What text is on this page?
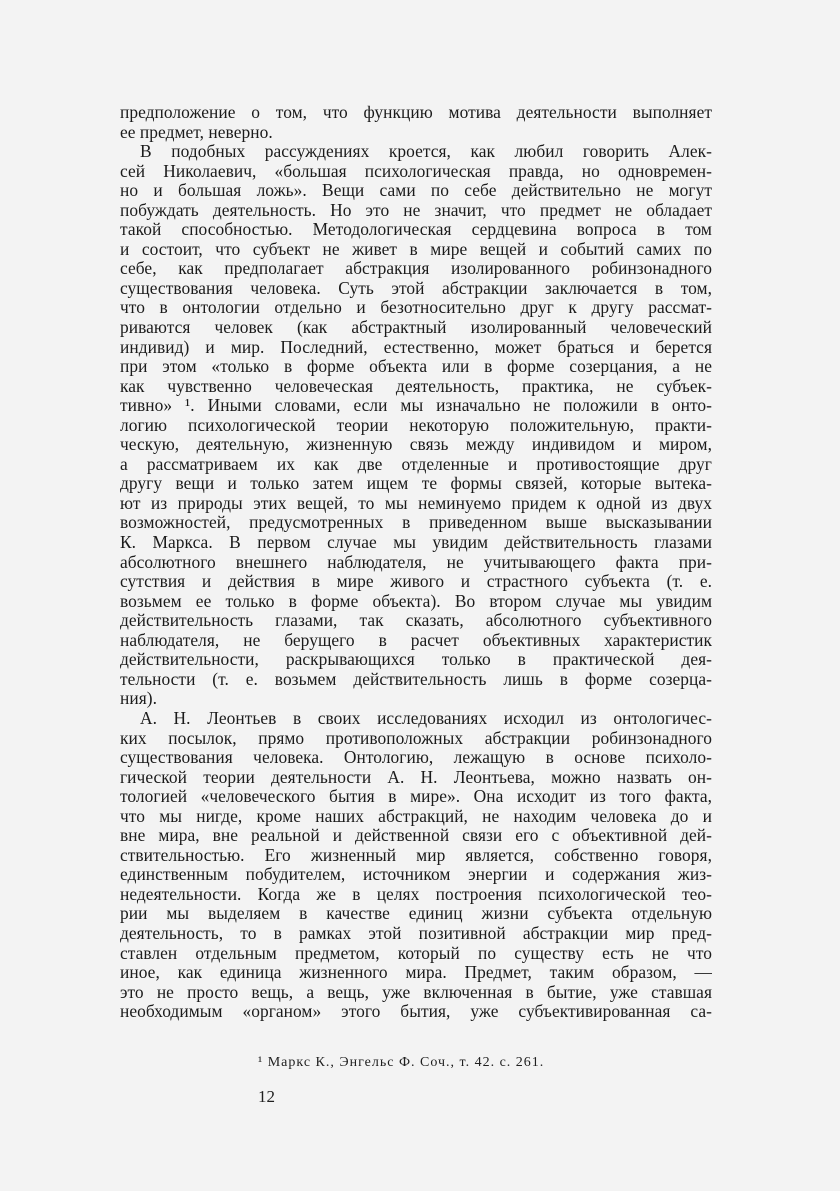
предположение о том, что функцию мотива деятельности выполняет
ее предмет, неверно.
В подобных рассуждениях кроется, как любил говорить Алек-
сей Николаевич, «большая психологическая правда, но одновремен-
но и большая ложь». Вещи сами по себе действительно не могут
побуждать деятельность. Но это не значит, что предмет не обладает
такой способностью. Методологическая сердцевина вопроса в том
и состоит, что субъект не живет в мире вещей и событий самих по
себе, как предполагает абстракция изолированного робинзонадного
существования человека. Суть этой абстракции заключается в том,
что в онтологии отдельно и безотносительно друг к другу рассмат-
риваются человек (как абстрактный изолированный человеческий
индивид) и мир. Последний, естественно, может браться и берется
при этом «только в форме объекта или в форме созерцания, а не
как чувственно человеческая деятельность, практика, не субъек-
тивно» ¹. Иными словами, если мы изначально не положили в онто-
логию психологической теории некоторую положительную, практи-
ческую, деятельную, жизненную связь между индивидом и миром,
а рассматриваем их как две отделенные и противостоящие друг
другу вещи и только затем ищем те формы связей, которые вытека-
ют из природы этих вещей, то мы неминуемо придем к одной из двух
возможностей, предусмотренных в приведенном выше высказывании
К. Маркса. В первом случае мы увидим действительность глазами
абсолютного внешнего наблюдателя, не учитывающего факта при-
сутствия и действия в мире живого и страстного субъекта (т. е.
возьмем ее только в форме объекта). Во втором случае мы увидим
действительность глазами, так сказать, абсолютного субъективного
наблюдателя, не берущего в расчет объективных характеристик
действительности, раскрывающихся только в практической дея-
тельности (т. е. возьмем действительность лишь в форме созерца-
ния).
А. Н. Леонтьев в своих исследованиях исходил из онтологичес-
ких посылок, прямо противоположных абстракции робинзонадного
существования человека. Онтологию, лежащую в основе психоло-
гической теории деятельности А. Н. Леонтьева, можно назвать он-
тологией «человеческого бытия в мире». Она исходит из того факта,
что мы нигде, кроме наших абстракций, не находим человека до и
вне мира, вне реальной и действенной связи его с объективной дей-
ствительностью. Его жизненный мир является, собственно говоря,
единственным побудителем, источником энергии и содержания жиз-
недеятельности. Когда же в целях построения психологической тео-
рии мы выделяем в качестве единиц жизни субъекта отдельную
деятельность, то в рамках этой позитивной абстракции мир пред-
ставлен отдельным предметом, который по существу есть не что
иное, как единица жизненного мира. Предмет, таким образом, —
это не просто вещь, а вещь, уже включенная в бытие, уже ставшая
необходимым «органом» этого бытия, уже субъективированная са-
¹ Маркс К., Энгельс Ф. Соч., т. 42. с. 261.
12
